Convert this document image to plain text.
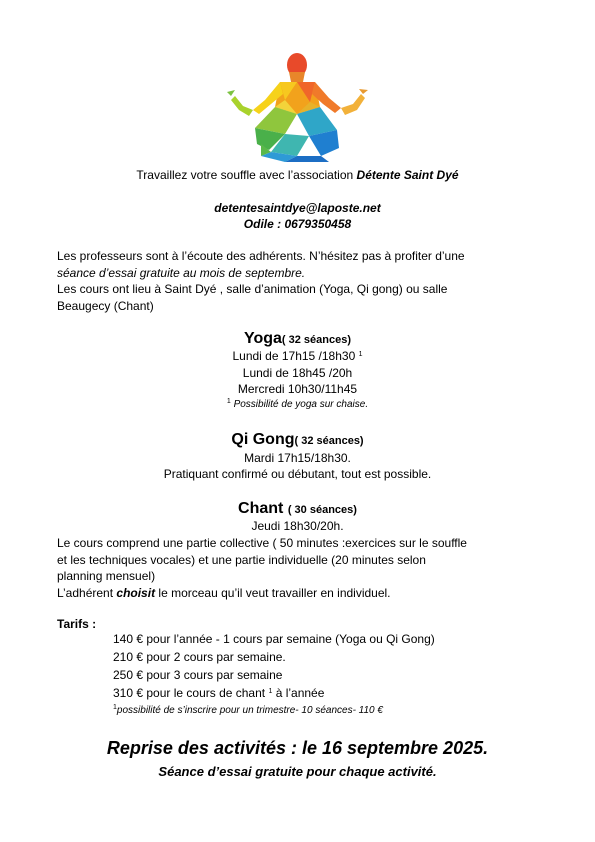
Travaillez votre souffle avec l’association Détente Saint Dyé
detentesaintdye@laposte.net
Odile : 0679350458
Les professeurs sont à l’écoute des adhérents. N’hésitez pas à profiter d’une
séance d’essai gratuite au mois de septembre.
Les cours ont lieu à Saint Dyé , salle d’animation (Yoga, Qi gong) ou salle
Beaugecy (Chant)
Yoga( 32 séances)
Lundi de 17h15 /18h30 $^1$
Lundi de 18h45 /20h
Mercredi 10h30/11h45
$^1$ Possibilité de yoga sur chaise.
Qi Gong( 32 séances)
Mardi 17h15/18h30.
Pratiquant confirmé ou débutant, tout est possible.
Chant ( 30 séances)
Jeudi 18h30/20h.
Le cours comprend une partie collective ( 50 minutes :exercices sur le souffle
et les techniques vocales) et une partie individuelle (20 minutes selon
planning mensuel)
L’adhérent choisit le morceau qu’il veut travailler en individuel.
Tarifs :
140 € pour l’année - 1 cours par semaine (Yoga ou Qi Gong)
210 € pour 2 cours par semaine.
250 € pour 3 cours par semaine
310 € pour le cours de chant $^1$ à l’année
$^1$possibilité de s’inscrire pour un trimestre- 10 séances- 110 €
Reprise des activités : le 16 septembre 2025.
Séance d’essai gratuite pour chaque activité.
